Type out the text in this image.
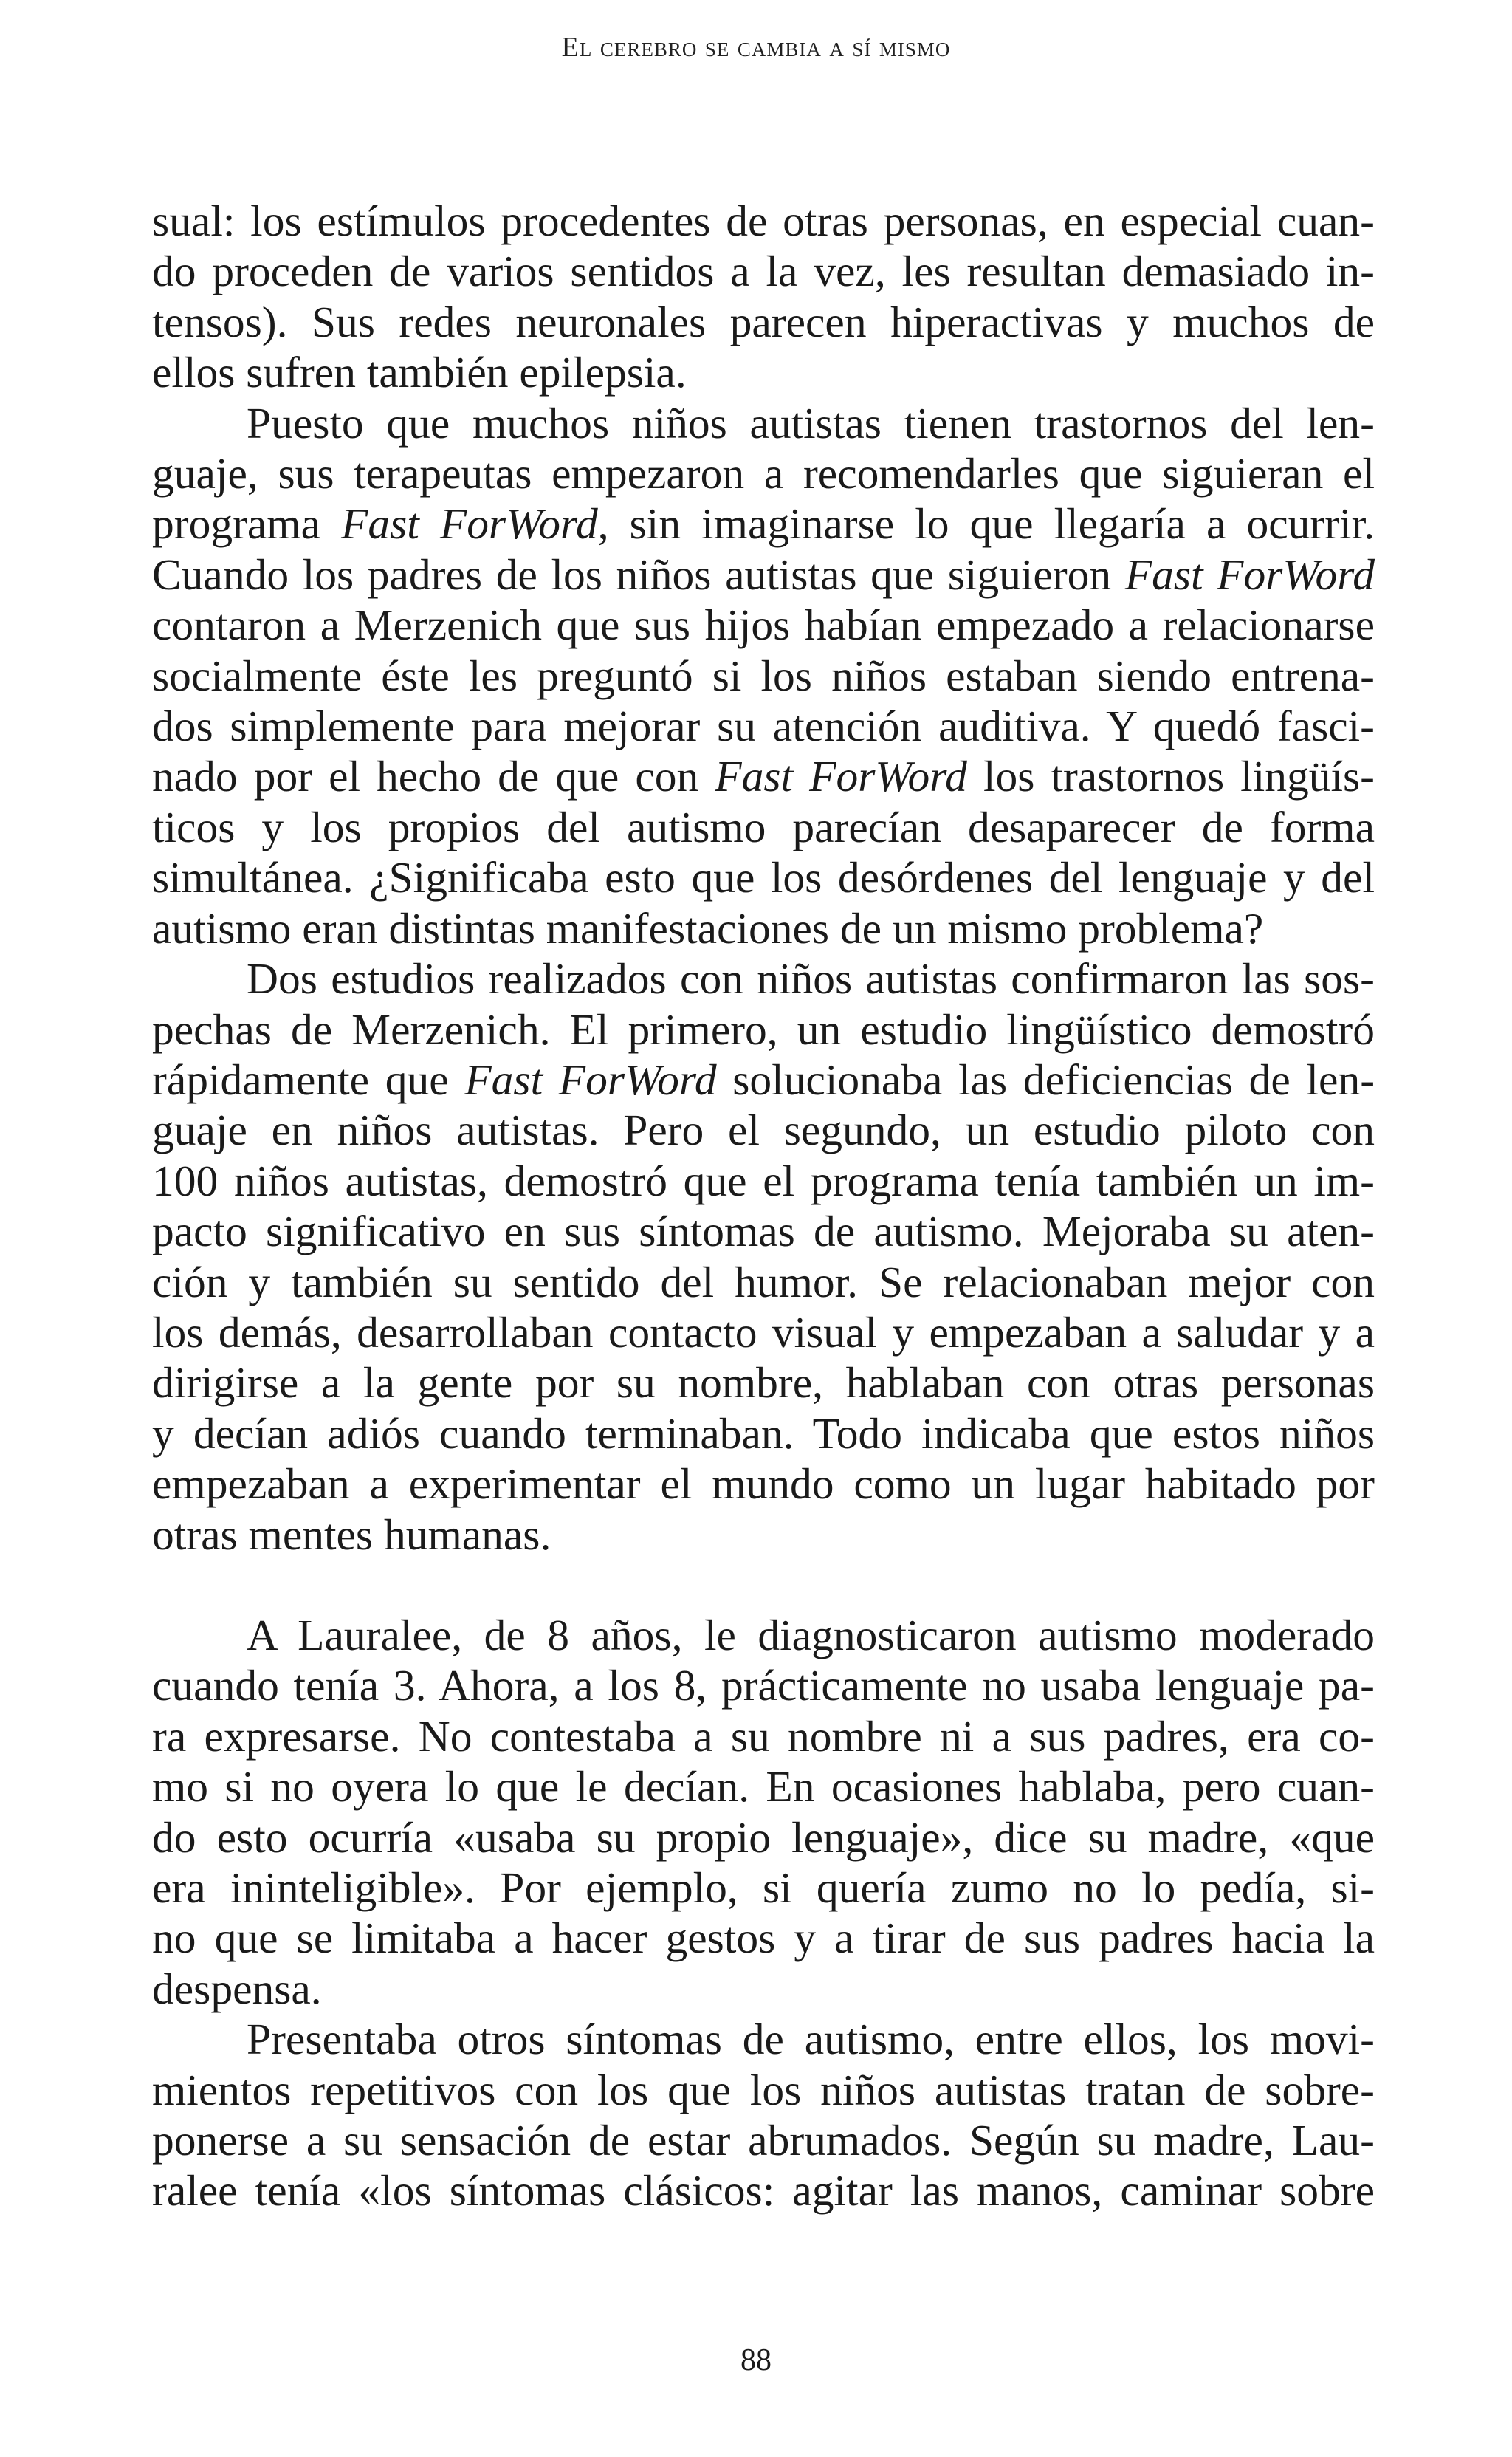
El cerebro se cambia a sí mismo
sual: los estímulos procedentes de otras personas, en especial cuan-
do proceden de varios sentidos a la vez, les resultan demasiado in-
tensos). Sus redes neuronales parecen hiperactivas y muchos de
ellos sufren también epilepsia.
Puesto que muchos niños autistas tienen trastornos del len-
guaje, sus terapeutas empezaron a recomendarles que siguieran el
programa Fast ForWord, sin imaginarse lo que llegaría a ocurrir.
Cuando los padres de los niños autistas que siguieron Fast ForWord
contaron a Merzenich que sus hijos habían empezado a relacionarse
socialmente éste les preguntó si los niños estaban siendo entrena-
dos simplemente para mejorar su atención auditiva. Y quedó fasci-
nado por el hecho de que con Fast ForWord los trastornos lingüís-
ticos y los propios del autismo parecían desaparecer de forma
simultánea. ¿Significaba esto que los desórdenes del lenguaje y del
autismo eran distintas manifestaciones de un mismo problema?
Dos estudios realizados con niños autistas confirmaron las sos-
pechas de Merzenich. El primero, un estudio lingüístico demostró
rápidamente que Fast ForWord solucionaba las deficiencias de len-
guaje en niños autistas. Pero el segundo, un estudio piloto con
100 niños autistas, demostró que el programa tenía también un im-
pacto significativo en sus síntomas de autismo. Mejoraba su aten-
ción y también su sentido del humor. Se relacionaban mejor con
los demás, desarrollaban contacto visual y empezaban a saludar y a
dirigirse a la gente por su nombre, hablaban con otras personas
y decían adiós cuando terminaban. Todo indicaba que estos niños
empezaban a experimentar el mundo como un lugar habitado por
otras mentes humanas.
A Lauralee, de 8 años, le diagnosticaron autismo moderado
cuando tenía 3. Ahora, a los 8, prácticamente no usaba lenguaje pa-
ra expresarse. No contestaba a su nombre ni a sus padres, era co-
mo si no oyera lo que le decían. En ocasiones hablaba, pero cuan-
do esto ocurría «usaba su propio lenguaje», dice su madre, «que
era ininteligible». Por ejemplo, si quería zumo no lo pedía, si-
no que se limitaba a hacer gestos y a tirar de sus padres hacia la
despensa.
Presentaba otros síntomas de autismo, entre ellos, los movi-
mientos repetitivos con los que los niños autistas tratan de sobre-
ponerse a su sensación de estar abrumados. Según su madre, Lau-
ralee tenía «los síntomas clásicos: agitar las manos, caminar sobre
88
